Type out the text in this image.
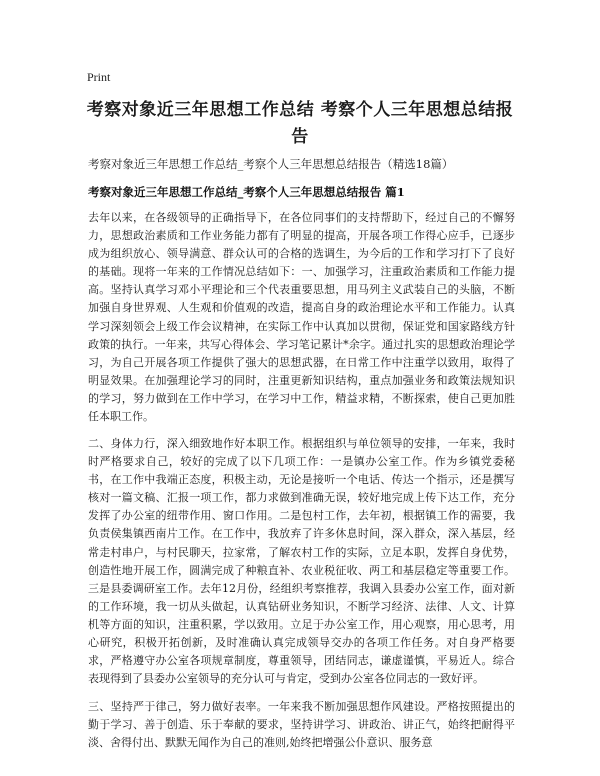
Print
考察对象近三年思想工作总结 考察个人三年思想总结报告
考察对象近三年思想工作总结_考察个人三年思想总结报告（精选18篇）
考察对象近三年思想工作总结_考察个人三年思想总结报告 篇1

去年以来，在各级领导的正确指导下，在各位同事们的支持帮助下，经过自己的不懈努力，思想政治素质和工作业务能力都有了明显的提高，开展各项工作得心应手，已逐步成为组织放心、领导满意、群众认可的合格的选调生，为今后的工作和学习打下了良好的基础。现将一年来的工作情况总结如下：一、加强学习，注重政治素质和工作能力提高。坚持认真学习邓小平理论和三个代表重要思想，用马列主义武装自己的头脑，不断加强自身世界观、人生观和价值观的改造，提高自身的政治理论水平和工作能力。认真学习深刻领会上级工作会议精神，在实际工作中认真加以贯彻，保证党和国家路线方针政策的执行。一年来，共写心得体会、学习笔记累计*余字。通过扎实的思想政治理论学习，为自己开展各项工作提供了强大的思想武器，在日常工作中注重学以致用，取得了明显效果。在加强理论学习的同时，注重更新知识结构，重点加强业务和政策法规知识的学习，努力做到在工作中学习，在学习中工作，精益求精，不断探索，使自己更加胜任本职工作。

二、身体力行，深入细致地作好本职工作。根据组织与单位领导的安排，一年来，我时时严格要求自己，较好的完成了以下几项工作：一是镇办公室工作。作为乡镇党委秘书，在工作中我端正态度，积极主动，无论是接听一个电话、传达一个指示，还是撰写核对一篇文稿、汇报一项工作，都力求做到准确无误，较好地完成上传下达工作，充分发挥了办公室的纽带作用、窗口作用。二是包村工作，去年初，根据镇工作的需要，我负责侯集镇西南片工作。在工作中，我放弃了许多休息时间，深入群众，深入基层，经常走村串户，与村民聊天，拉家常，了解农村工作的实际，立足本职，发挥自身优势，创造性地开展工作，圆满完成了种粮直补、农业税征收、两工和基层稳定等重要工作。三是县委调研室工作。去年12月份，经组织考察推荐，我调入县委办公室工作，面对新的工作环境，我一切从头做起，认真钻研业务知识，不断学习经济、法律、人文、计算机等方面的知识，注重积累，学以致用。立足于办公室工作，用心观察，用心思考，用心研究，积极开拓创新，及时准确认真完成领导交办的各项工作任务。对自身严格要求，严格遵守办公室各项规章制度，尊重领导，团结同志，谦虚谨慎，平易近人。综合表现得到了县委办公室领导的充分认可与肯定，受到办公室各位同志的一致好评。

三、坚持严于律己，努力做好表率。一年来我不断加强思想作风建设。严格按照提出的勤于学习、善于创造、乐于奉献的要求，坚持讲学习、讲政治、讲正气，始终把耐得平淡、舍得付出、默默无闻作为自己的准则,始终把增强公仆意识、服务意
